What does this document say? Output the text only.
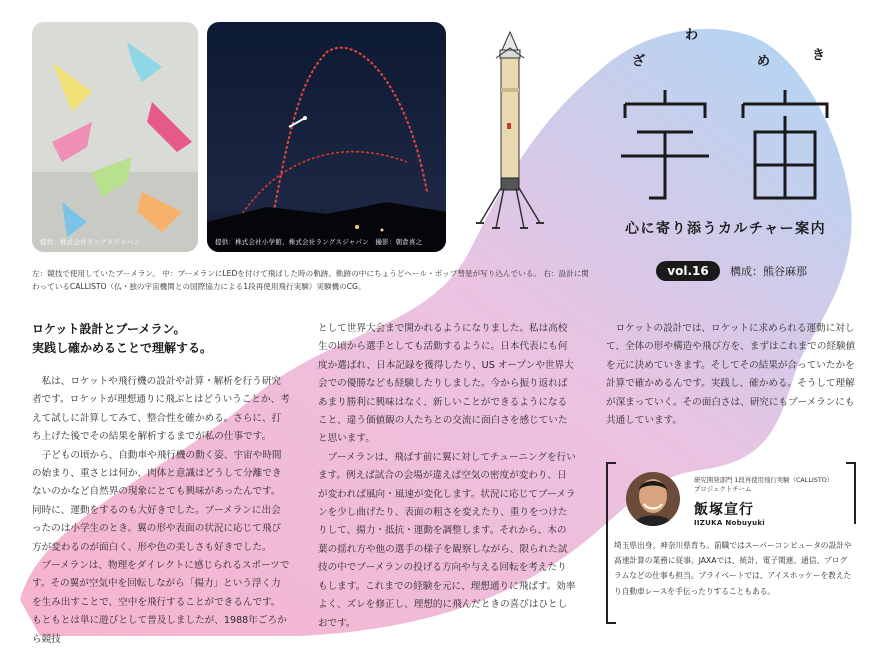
提供：株式会社ラングスジャパン	提供：株式会社小学館、株式会社ラングスジャパン　撮影：朝倉喜之
ざ
わ
め	き
心に寄り添うカルチャー案内
vol.16	構成：熊谷麻那
左：競技で使用していたブーメラン。 中：ブーメランにLEDを付けて飛ばした時の軌跡。軌跡の中にちょうどヘール・ボップ彗星が写り込んでいる。 右：設計に関わっているCALLISTO（仏・独の宇宙機関との国際協力による1段再使用飛行実験）実験機のCG。
ロケット設計とブーメラン。
実践し確かめることで理解する。

私は、ロケットや飛行機の設計や計算・解析を行う研究者です。ロケットが理想通りに飛ぶとはどういうことか、考えて試しに計算してみて、整合性を確かめる。さらに、打ち上げた後でその結果を解析するまでが私の仕事です。

子どもの頃から、自動車や飛行機の動く姿、宇宙や時間の始まり、重さとは何か、肉体と意識はどうして分離できないのかなど自然界の現象にとても興味があったんです。同時に、運動をするのも大好きでした。ブーメランに出会ったのは小学生のとき。翼の形や表面の状況に応じて飛び方が変わるのが面白く、形や色の美しさも好きでした。

ブーメランは、物理をダイレクトに感じられるスポーツです。その翼が空気中を回転しながら「揚力」という浮く力を生み出すことで、空中を飛行することができるんです。もともとは単に遊びとして普及しましたが、1988年ごろから競技

として世界大会まで開かれるようになりました。私は高校生の頃から選手としても活動するように。日本代表にも何度か選ばれ、日本記録を獲得したり、US オープンや世界大会での優勝なども経験したりしました。今から振り返ればあまり勝利に興味はなく、新しいことができるようになること、違う価値観の人たちとの交流に面白さを感じていたと思います。

ブーメランは、飛ばす前に翼に対してチューニングを行います。例えば試合の会場が違えば空気の密度が変わり、日が変われば風向・風速が変化します。状況に応じてブーメランを少し曲げたり、表面の粗さを変えたり、重りをつけたりして、揚力・抵抗・運動を調整します。それから、木の葉の揺れ方や他の選手の様子を観察しながら、限られた試技の中でブーメランの投げる方向や与える回転を考えたりもします。これまでの経験を元に、理想通りに飛ばす。効率よく、ズレを修正し、理想的に飛んだときの喜びはひとしおです。

ロケットの設計では、ロケットに求められる運動に対して、全体の形や構造や飛び方を、まずはこれまでの経験値を元に決めていきます。そしてその結果が合っていたかを計算で確かめるんです。実践し、確かめる。そうして理解が深まっていく。その面白さは、研究にもブーメランにも共通しています。

研究開発部門 1段再使用飛行実験（CALLISTO）
プロジェクトチーム
飯塚宣行
IIZUKA Nobuyuki
埼玉県出身、神奈川県育ち。前職ではスーパーコンピュータの設計や高速計算の業務に従事。JAXAでは、統計、電子関連、通信、プログラムなどの仕事も担当。プライベートでは、アイスホッケーを教えたり自動車レースを手伝ったりすることもある。
